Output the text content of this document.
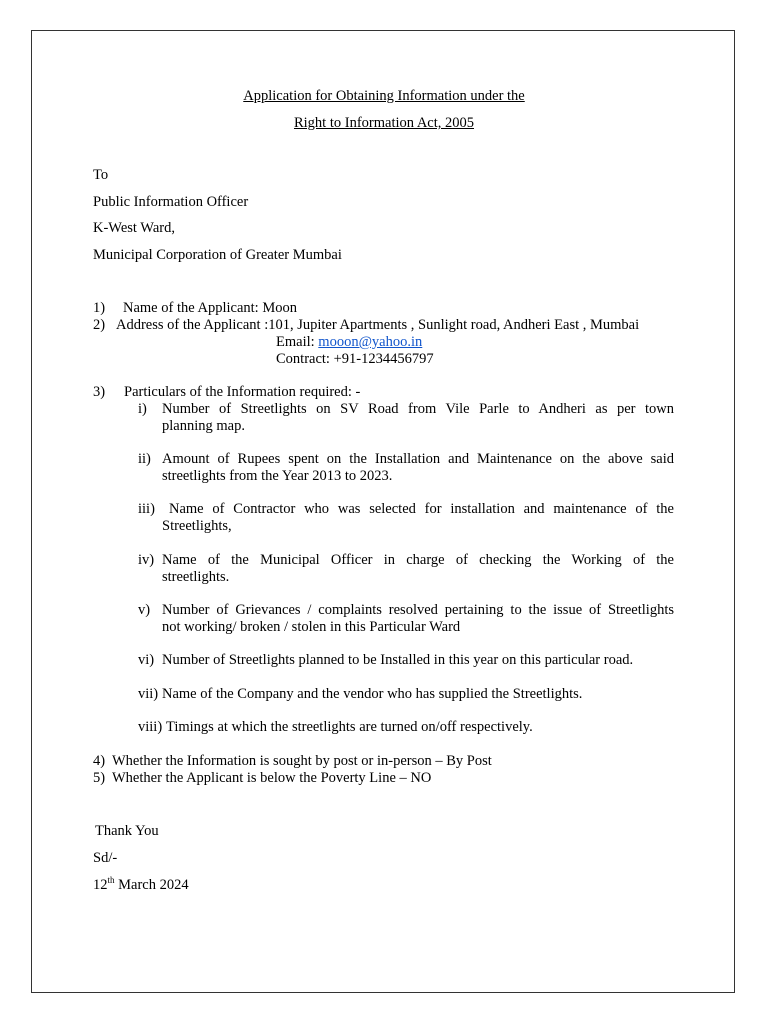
Application for Obtaining Information under the
Right to Information Act, 2005
To
Public Information Officer
K-West Ward,
Municipal Corporation of Greater Mumbai
1) Name of the Applicant: Moon
2) Address of the Applicant :101, Jupiter Apartments , Sunlight road, Andheri East , Mumbai
Email: mooon@yahoo.in
Contract: +91-1234456797
3) Particulars of the Information required: -
i) Number of Streetlights on SV Road from Vile Parle to Andheri as per town
planning map.
ii) Amount of Rupees spent on the Installation and Maintenance on the above said
streetlights from the Year 2013 to 2023.
iii) Name of Contractor who was selected for installation and maintenance of the
Streetlights,
iv) Name of the Municipal Officer in charge of checking the Working of the
streetlights.
v) Number of Grievances / complaints resolved pertaining to the issue of Streetlights
not working/ broken / stolen in this Particular Ward
vi) Number of Streetlights planned to be Installed in this year on this particular road.
vii) Name of the Company and the vendor who has supplied the Streetlights.
viii) Timings at which the streetlights are turned on/off respectively.
4) Whether the Information is sought by post or in-person – By Post
5) Whether the Applicant is below the Poverty Line – NO
Thank You
Sd/-
12th March 2024
